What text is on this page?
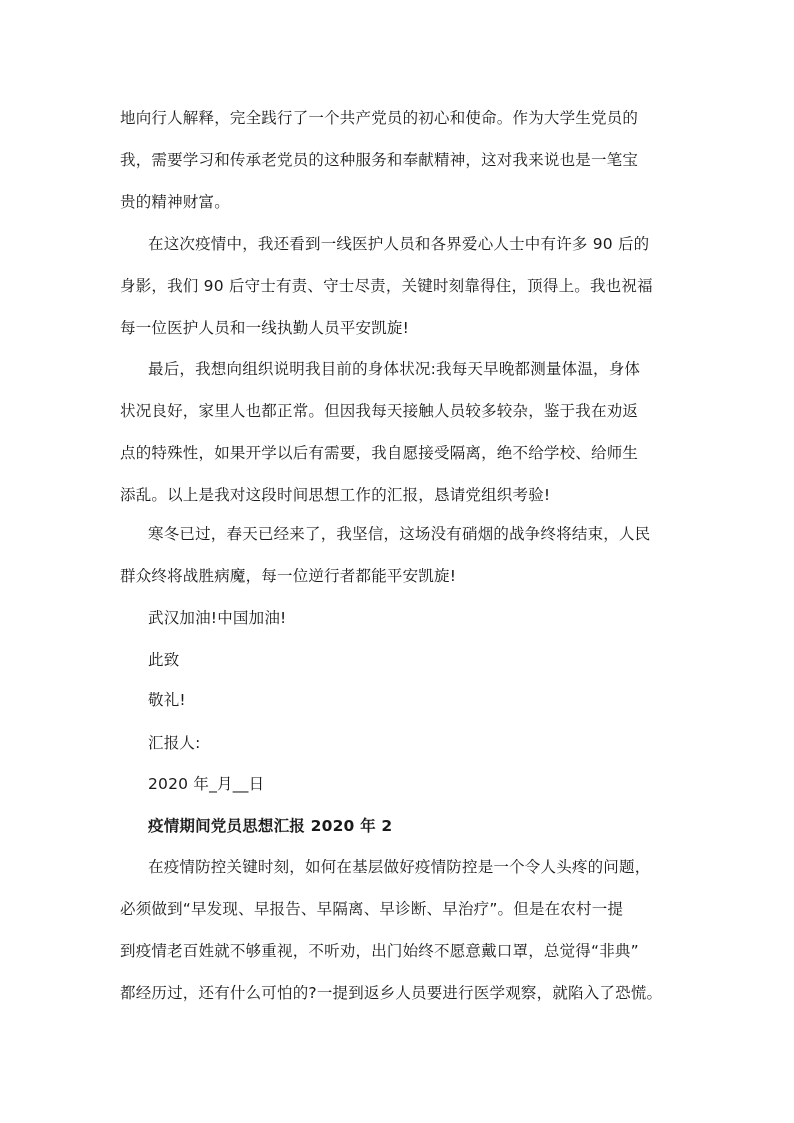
地向行人解释，完全践行了一个共产党员的初心和使命。作为大学生党员的
我，需要学习和传承老党员的这种服务和奉献精神，这对我来说也是一笔宝
贵的精神财富。
在这次疫情中，我还看到一线医护人员和各界爱心人士中有许多 90 后的
身影，我们 90 后守士有责、守士尽责，关键时刻靠得住，顶得上。我也祝福
每一位医护人员和一线执勤人员平安凯旋!
最后，我想向组织说明我目前的身体状况:我每天早晚都测量体温，身体
状况良好，家里人也都正常。但因我每天接触人员较多较杂，鉴于我在劝返
点的特殊性，如果开学以后有需要，我自愿接受隔离，绝不给学校、给师生
添乱。以上是我对这段时间思想工作的汇报，恳请党组织考验!
寒冬已过，春天已经来了，我坚信，这场没有硝烟的战争终将结束，人民
群众终将战胜病魔，每一位逆行者都能平安凯旋!
武汉加油!中国加油!
此致
敬礼!
汇报人:
2020 年_月__日
疫情期间党员思想汇报 2020 年 2
在疫情防控关键时刻，如何在基层做好疫情防控是一个令人头疼的问题，
必须做到“早发现、早报告、早隔离、早诊断、早治疗”。但是在农村一提
到疫情老百姓就不够重视，不听劝，出门始终不愿意戴口罩，总觉得“非典”
都经历过，还有什么可怕的?一提到返乡人员要进行医学观察，就陷入了恐慌。
